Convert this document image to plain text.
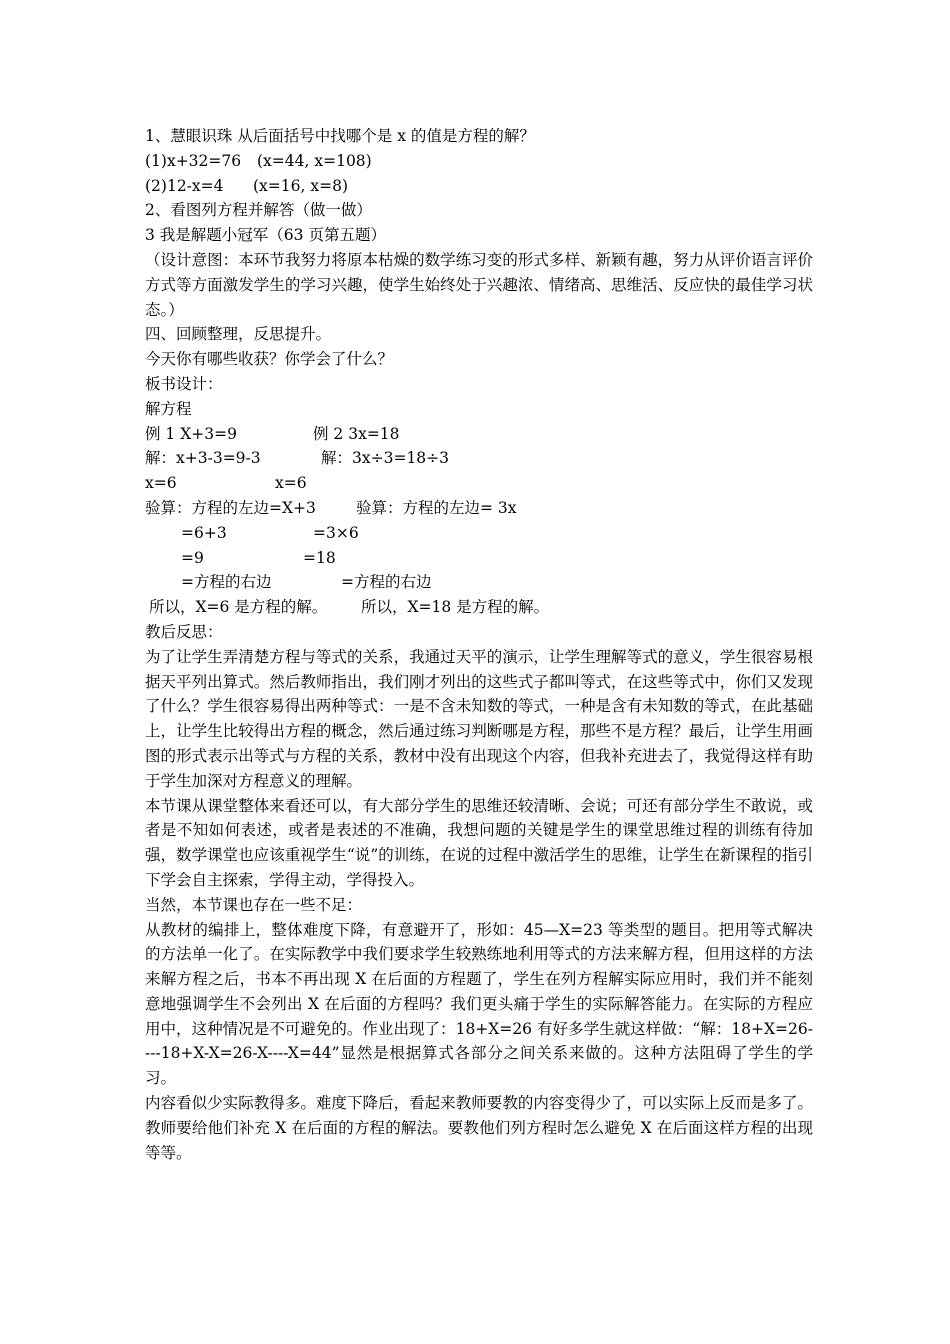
1、慧眼识珠 从后面括号中找哪个是 x 的值是方程的解？
(1)x+32=76 (x=44, x=108)
(2)12-x=4 (x=16, x=8)
2、看图列方程并解答（做一做）
3 我是解题小冠军（63 页第五题）
（设计意图：本环节我努力将原本枯燥的数学练习变的形式多样、新颖有趣，努力从评价语言评价方式等方面激发学生的学习兴趣，使学生始终处于兴趣浓、情绪高、思维活、反应快的最佳学习状态。）
四、回顾整理，反思提升。
今天你有哪些收获？你学会了什么？
板书设计：
解方程
例 1 X+3=9	例 2 3x=18
解：x+3-3=9-3	解：3x÷3=18÷3
x=6	x=6
验算：方程的左边=X+3	验算：方程的左边= 3x
=6+3	=3×6
=9	=18
=方程的右边	=方程的右边
所以，X=6 是方程的解。 所以，X=18 是方程的解。
教后反思：
为了让学生弄清楚方程与等式的关系，我通过天平的演示，让学生理解等式的意义，学生很容易根据天平列出算式。然后教师指出，我们刚才列出的这些式子都叫等式，在这些等式中，你们又发现了什么？学生很容易得出两种等式：一是不含未知数的等式，一种是含有未知数的等式，在此基础上，让学生比较得出方程的概念，然后通过练习判断哪是方程，那些不是方程？最后，让学生用画图的形式表示出等式与方程的关系，教材中没有出现这个内容，但我补充进去了，我觉得这样有助于学生加深对方程意义的理解。
本节课从课堂整体来看还可以，有大部分学生的思维还较清晰、会说；可还有部分学生不敢说，或者是不知如何表述，或者是表述的不准确，我想问题的关键是学生的课堂思维过程的训练有待加强，数学课堂也应该重视学生“说”的训练，在说的过程中激活学生的思维，让学生在新课程的指引下学会自主探索，学得主动，学得投入。
当然，本节课也存在一些不足：
从教材的编排上，整体难度下降，有意避开了，形如：45—X=23 等类型的题目。把用等式解决的方法单一化了。在实际教学中我们要求学生较熟练地利用等式的方法来解方程，但用这样的方法来解方程之后，书本不再出现 X 在后面的方程题了，学生在列方程解实际应用时，我们并不能刻意地强调学生不会列出 X 在后面的方程吗？我们更头痛于学生的实际解答能力。在实际的方程应用中，这种情况是不可避免的。作业出现了：18+X=26 有好多学生就这样做：“解：18+X=26----18+X-X=26-X----X=44”显然是根据算式各部分之间关系来做的。这种方法阻碍了学生的学习。
内容看似少实际教得多。难度下降后，看起来教师要教的内容变得少了，可以实际上反而是多了。教师要给他们补充 X 在后面的方程的解法。要教他们列方程时怎么避免 X 在后面这样方程的出现等等。
